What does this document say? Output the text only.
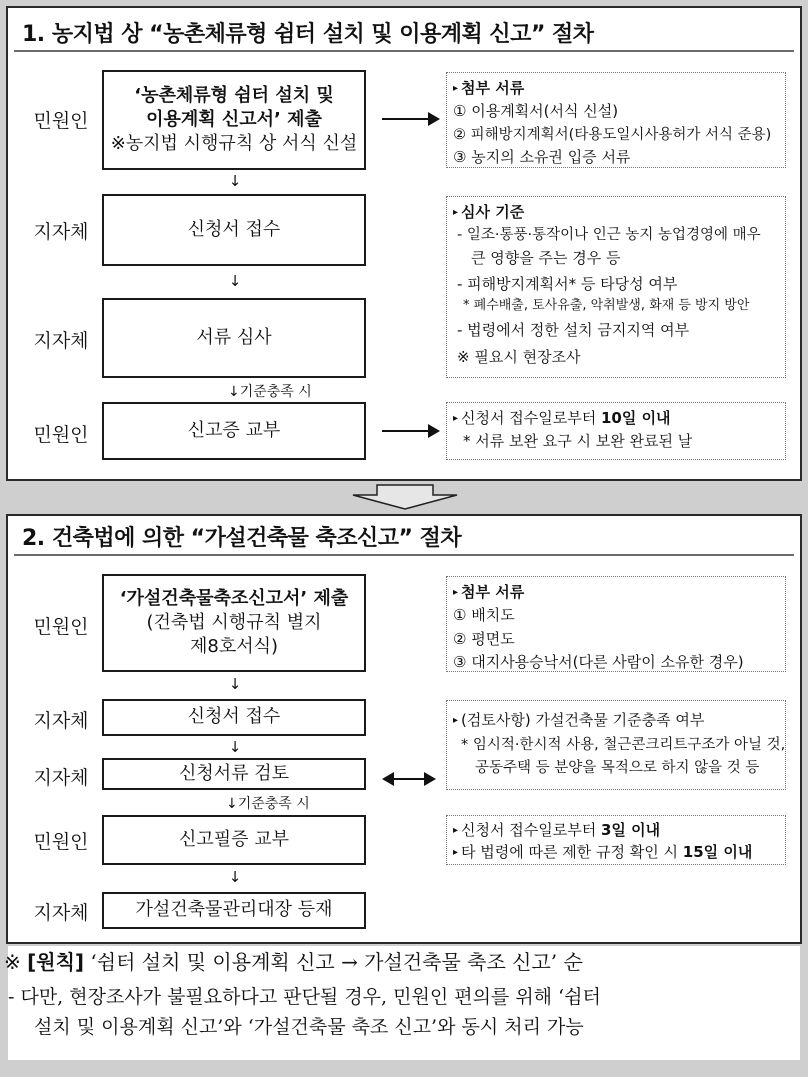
1. 농지법 상 “농촌체류형 쉼터 설치 및 이용계획 신고” 절차
민원인
‘농촌체류형 쉼터 설치 및
이용계획 신고서’ 제출
※농지법 시행규칙 상 서식 신설
↓
지자체	신청서 접수
↓
지자체	서류 심사
↓기준충족 시
민원인	신고증 교부
▸ 첨부 서류
① 이용계획서(서식 신설)
② 피해방지계획서(타용도일시사용허가 서식 준용)
③ 농지의 소유권 입증 서류
▸ 심사 기준
- 일조·통풍·통작이나 인근 농지 농업경영에 매우
큰 영향을 주는 경우 등
- 피해방지계획서* 등 타당성 여부
* 폐수배출, 토사유출, 악취발생, 화재 등 방지 방안
- 법령에서 정한 설치 금지지역 여부
※ 필요시 현장조사
▸ 신청서 접수일로부터 10일 이내
* 서류 보완 요구 시 보완 완료된 날
2. 건축법에 의한 “가설건축물 축조신고” 절차
민원인
‘가설건축물축조신고서’ 제출
(건축법 시행규칙 별지
제8호서식)
↓
지자체	신청서 접수
↓
지자체	신청서류 검토
↓기준충족 시
민원인	신고필증 교부
↓
지자체	가설건축물관리대장 등재
▸ 첨부 서류
① 배치도
② 평면도
③ 대지사용승낙서(다른 사람이 소유한 경우)
▸ (검토사항) 가설건축물 기준충족 여부
* 임시적·한시적 사용, 철근콘크리트구조가 아닐 것,
공동주택 등 분양을 목적으로 하지 않을 것 등
▸ 신청서 접수일로부터 3일 이내
▸ 타 법령에 따른 제한 규정 확인 시 15일 이내
※ [원칙] ‘쉼터 설치 및 이용계획 신고 → 가설건축물 축조 신고’ 순
- 다만, 현장조사가 불필요하다고 판단될 경우, 민원인 편의를 위해 ‘쉼터
설치 및 이용계획 신고’와 ‘가설건축물 축조 신고’와 동시 처리 가능
